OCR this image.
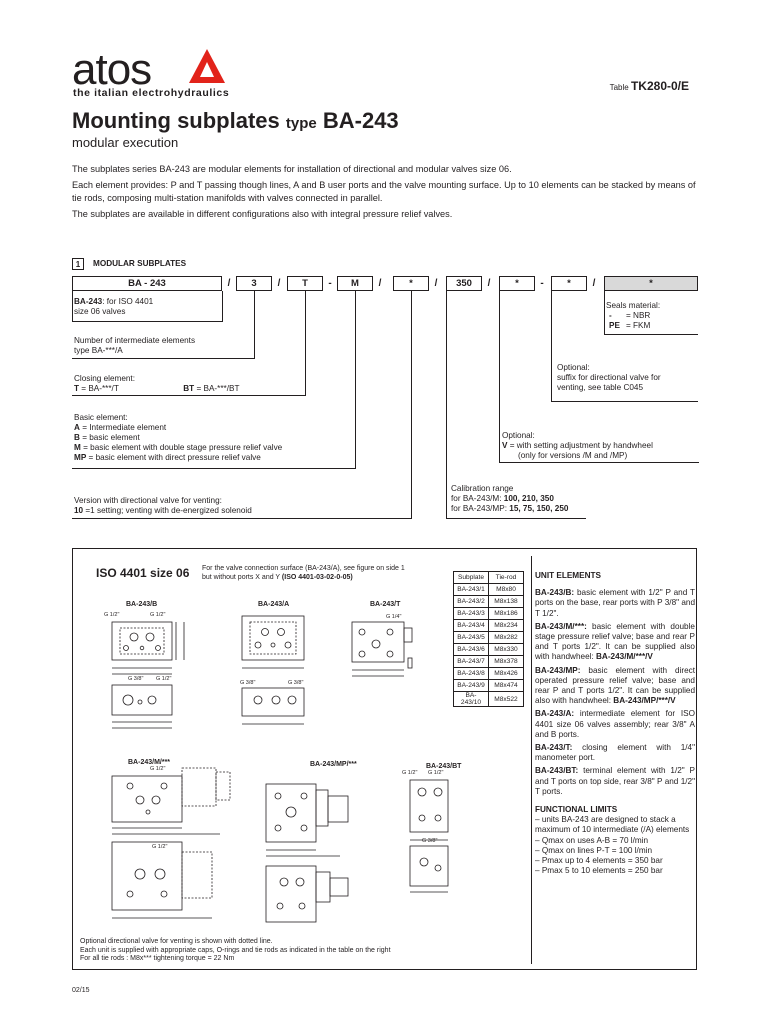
atos
the italian electrohydraulics	Table TK280-0/E
Mounting subplates type BA-243
modular execution

The subplates series BA-243 are modular elements for installation of directional and modular valves size 06.

Each element provides: P and T passing though lines, A and B user ports and the valve mounting surface. Up to 10 elements can be stacked by means of tie rods, composing multi-station manifolds with valves connected in parallel.

The subplates are available in different configurations also with integral pressure relief valves.

1	MODULAR SUBPLATES
BA - 243	/	3	/	T	-	M	/	*	/	350	/	*	-	*	/	*
BA-243: for ISO 4401
size 06 valves
Number of intermediate elements
type BA-***/A
Closing element:
T = BA-***/T	BT = BA-***/BT
Basic element:
A = Intermediate element
B = basic element
M = basic element with double stage pressure relief valve
MP = basic element with direct pressure relief valve
Version with directional valve for venting:
10 =1 setting; venting with de-energized solenoid
Seals material:
- = NBR
PE = FKM
Optional:
suffix for directional valve for
venting, see table C045
Optional:
V = with setting adjustment by handwheel
(only for versions /M and /MP)
Calibration range
for BA-243/M: 100, 210, 350
for BA-243/MP: 15, 75, 150, 250
ISO 4401 size 06 For the valve connection surface (BA-243/A), see figure on side 1
but without ports X and Y (ISO 4401-03-02-0-05)
BA-243/B	BA-243/A	BA-243/T
BA-243/M/***	BA-243/MP/***	BA-243/BT
G 1/2"	G 1/2"
G 3/8" G 1/2"
G 3/8"	G 3/8"
G 1/4"
G 1/2"
G 1/2"
G 1/2" G 1/2"
G 3/8"
Subplate	Tie-rod
BA-243/1	M8x80
BA-243/2	M8x138
BA-243/3	M8x186
BA-243/4	M8x234
BA-243/5	M8x282
BA-243/6	M8x330
BA-243/7	M8x378
BA-243/8	M8x426
BA-243/9	M8x474
BA-243/10	M8x522
UNIT ELEMENTS

BA-243/B: basic element with 1/2" P and T ports on the base, rear ports with P 3/8" and T 1/2".

BA-243/M/***: basic element with double stage pressure relief valve; base and rear P and T ports 1/2". It can be supplied also with handwheel: BA-243/M/***/V

BA-243/MP: basic element with direct operated pressure relief valve; base and rear P and T ports 1/2". It can be supplied also with handwheel: BA-243/MP/***/V

BA-243/A: intermediate element for ISO 4401 size 06 valves assembly; rear 3/8" A and B ports.

BA-243/T: closing element with 1/4" manometer port.

BA-243/BT: terminal element with 1/2" P and T ports on top side, rear 3/8" P and 1/2" T ports.

FUNCTIONAL LIMITS
– units BA-243 are designed to stack a maximum of 10 intermediate (/A) elements
– Qmax on uses A-B = 70 l/min
– Qmax on lines P-T = 100 l/min
– Pmax up to 4 elements = 350 bar
– Pmax 5 to 10 elements = 250 bar
Optional directional valve for venting is shown with dotted line.
Each unit is supplied with appropriate caps, O-rings and tie rods as indicated in the table on the right
For all tie rods : M8x*** tightening torque = 22 Nm
02/15
